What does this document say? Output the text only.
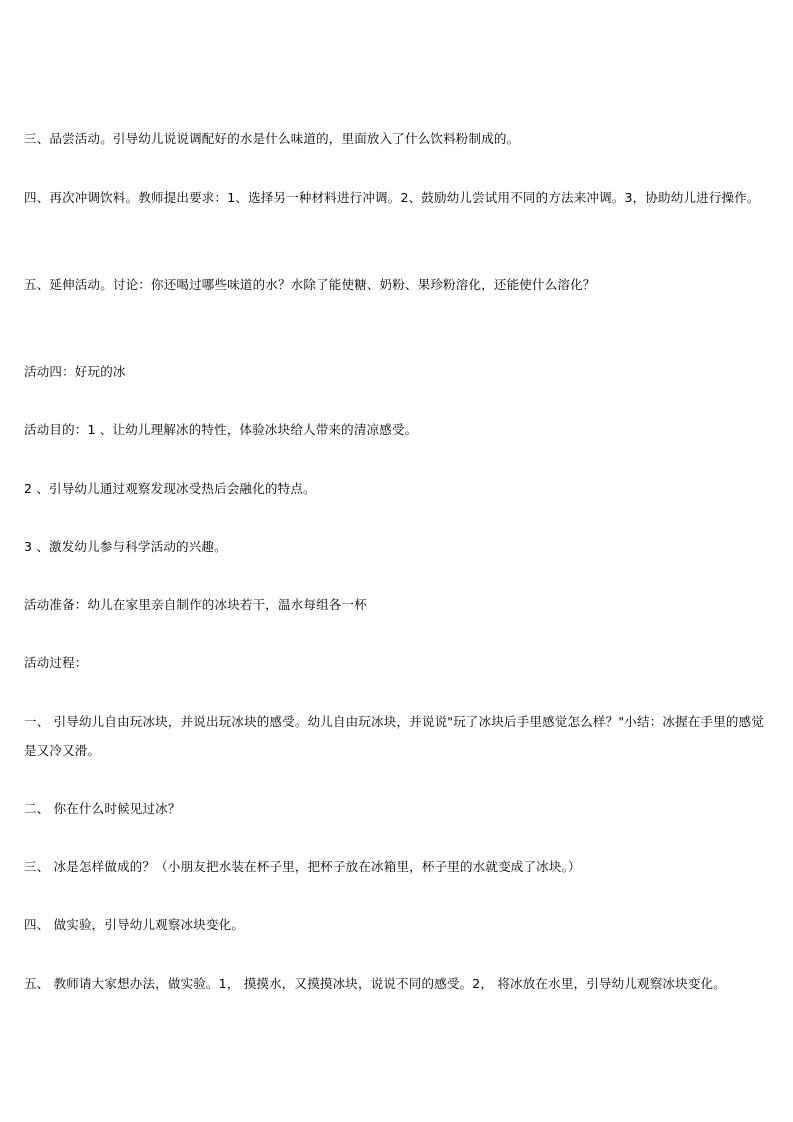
三、品尝活动。引导幼儿说说调配好的水是什么味道的，里面放入了什么饮料粉制成的。
四、再次冲调饮料。教师提出要求：1、选择另一种材料进行冲调。2、鼓励幼儿尝试用不同的方法来冲调。3，协助幼儿进行操作。
五、延伸活动。讨论：你还喝过哪些味道的水？水除了能使糖、奶粉、果珍粉溶化，还能使什么溶化？
活动四：好玩的冰
活动目的：1 、让幼儿理解冰的特性，体验冰块给人带来的清凉感受。
2 、引导幼儿通过观察发现冰受热后会融化的特点。
3 、激发幼儿参与科学活动的兴趣。
活动准备：幼儿在家里亲自制作的冰块若干，温水每组各一杯
活动过程：
一、 引导幼儿自由玩冰块，并说出玩冰块的感受。幼儿自由玩冰块，并说说"玩了冰块后手里感觉怎么样？"小结：冰握在手里的感觉是又冷又滑。
二、 你在什么时候见过冰？
三、 冰是怎样做成的？（小朋友把水装在杯子里，把杯子放在冰箱里，杯子里的水就变成了冰块。）
四、 做实验，引导幼儿观察冰块变化。
五、 教师请大家想办法，做实验。1， 摸摸水，又摸摸冰块，说说不同的感受。2， 将冰放在水里，引导幼儿观察冰块变化。
